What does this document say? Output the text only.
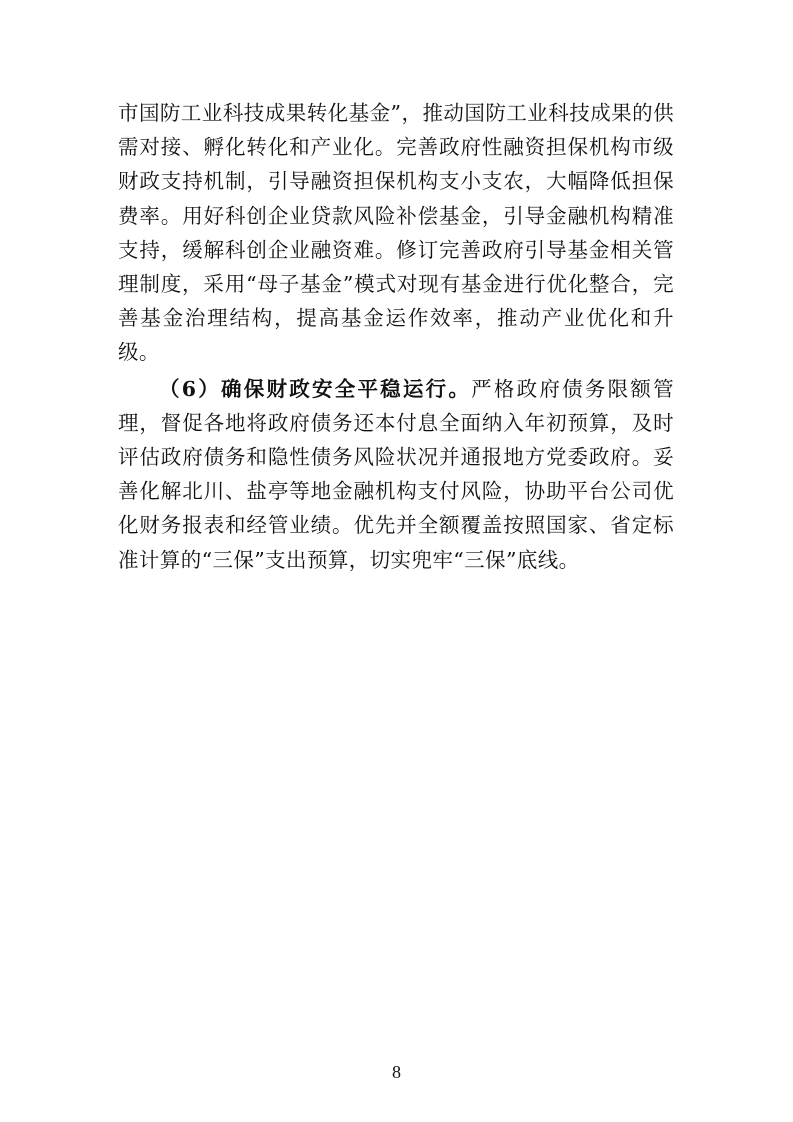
市国防工业科技成果转化基金”，推动国防工业科技成果的供需对接、孵化转化和产业化。完善政府性融资担保机构市级财政支持机制，引导融资担保机构支小支农，大幅降低担保费率。用好科创企业贷款风险补偿基金，引导金融机构精准支持，缓解科创企业融资难。修订完善政府引导基金相关管理制度，采用“母子基金”模式对现有基金进行优化整合，完善基金治理结构，提高基金运作效率，推动产业优化和升级。

（6）确保财政安全平稳运行。严格政府债务限额管理，督促各地将政府债务还本付息全面纳入年初预算，及时评估政府债务和隐性债务风险状况并通报地方党委政府。妥善化解北川、盐亭等地金融机构支付风险，协助平台公司优化财务报表和经管业绩。优先并全额覆盖按照国家、省定标准计算的“三保”支出预算，切实兜牢“三保”底线。

8
